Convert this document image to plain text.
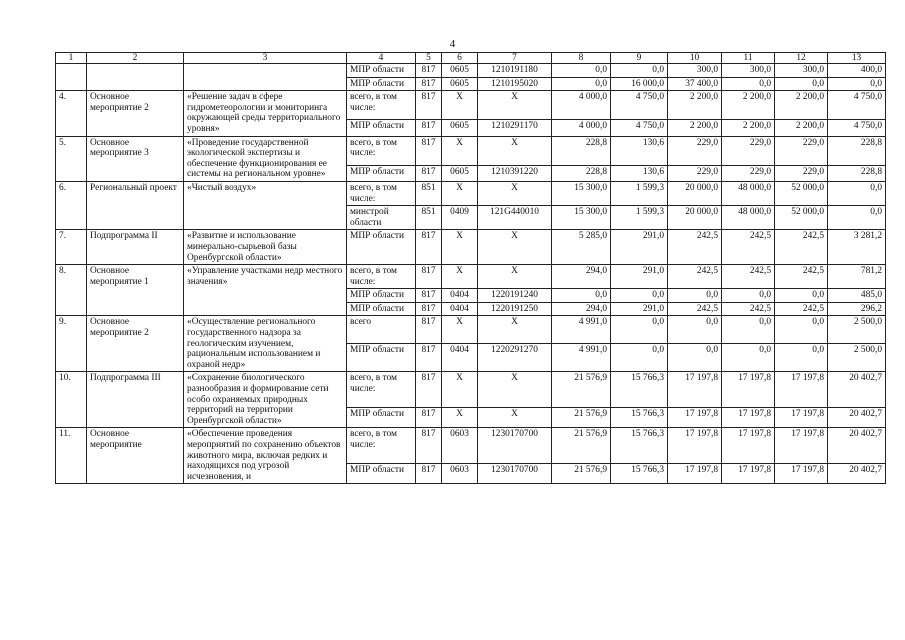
4
1	2	3	4	5	6	7	8	9	10	11	12	13
			МПР области	817	0605	1210191180	0,0	0,0	300,0	300,0	300,0	400,0
			МПР области	817	0605	1210195020	0,0	16 000,0	37 400,0	0,0	0,0	0,0
4.	Основное мероприятие 2	«Решение задач в сфере гидрометеорологии и мониторинга окружающей среды территориального уровня»	всего, в том числе:	817	X	X	4 000,0	4 750,0	2 200,0	2 200,0	2 200,0	4 750,0
			МПР области	817	0605	1210291170	4 000,0	4 750,0	2 200,0	2 200,0	2 200,0	4 750,0
5.	Основное мероприятие 3	«Проведение государственной экологической экспертизы и обеспечение функционирования ее системы на региональном уровне»	всего, в том числе:	817	X	X	228,8	130,6	229,0	229,0	229,0	228,8
			МПР области	817	0605	1210391220	228,8	130,6	229,0	229,0	229,0	228,8
6.	Региональный проект	«Чистый воздух»	всего, в том числе:	851	X	X	15 300,0	1 599,3	20 000,0	48 000,0	52 000,0	0,0
			минстрой области	851	0409	121G440010	15 300,0	1 599,3	20 000,0	48 000,0	52 000,0	0,0
7.	Подпрограмма II	«Развитие и использование минерально-сырьевой базы Оренбургской области»	МПР области	817	X	X	5 285,0	291,0	242,5	242,5	242,5	3 281,2
8.	Основное мероприятие 1	«Управление участками недр местного значения»	всего, в том числе:	817	X	X	294,0	291,0	242,5	242,5	242,5	781,2
			МПР области	817	0404	1220191240	0,0	0,0	0,0	0,0	0,0	485,0
			МПР области	817	0404	1220191250	294,0	291,0	242,5	242,5	242,5	296,2
9.	Основное мероприятие 2	«Осуществление регионального государственного надзора за геологическим изучением, рациональным использованием и охраной недр»	всего	817	X	X	4 991,0	0,0	0,0	0,0	0,0	2 500,0
			МПР области	817	0404	1220291270	4 991,0	0,0	0,0	0,0	0,0	2 500,0
10.	Подпрограмма III	«Сохранение биологического разнообразия и формирование сети особо охраняемых природных территорий на территории Оренбургской области»	всего, в том числе:	817	X	X	21 576,9	15 766,3	17 197,8	17 197,8	17 197,8	20 402,7
			МПР области	817	X	X	21 576,9	15 766,3	17 197,8	17 197,8	17 197,8	20 402,7
11.	Основное мероприятие	«Обеспечение проведения мероприятий по сохранению объектов животного мира, включая редких и находящихся под угрозой исчезновения, и	всего, в том числе:	817	0603	1230170700	21 576,9	15 766,3	17 197,8	17 197,8	17 197,8	20 402,7
			МПР области	817	0603	1230170700	21 576,9	15 766,3	17 197,8	17 197,8	17 197,8	20 402,7
